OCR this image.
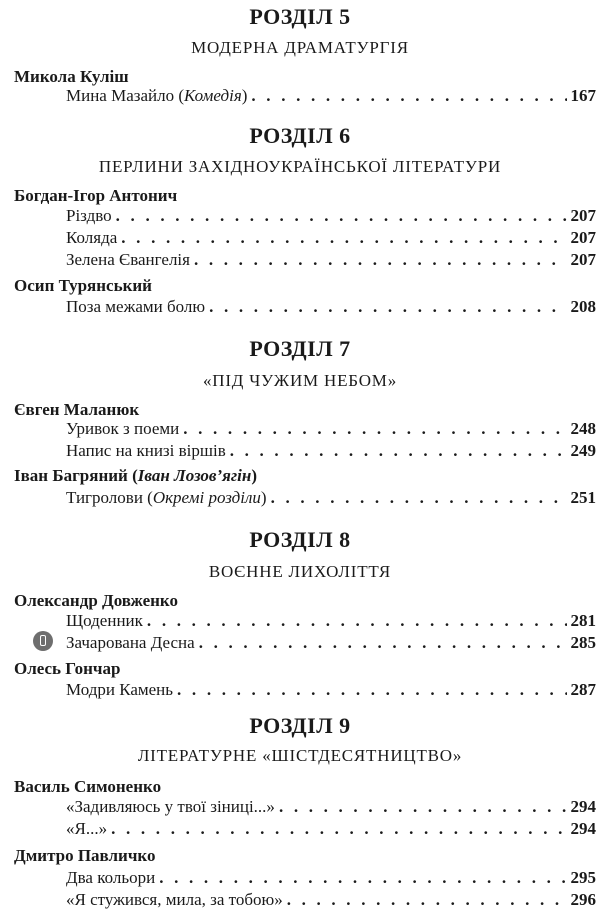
РОЗДІЛ 5
МОДЕРНА ДРАМАТУРГІЯ
Микола Куліш
Мина Мазайло (Комедія) . . .	167
РОЗДІЛ 6
ПЕРЛИНИ ЗАХІДНОУКРАЇНСЬКОЇ ЛІТЕРАТУРИ
Богдан-Ігор Антонич
Різдво . . .	207
Коляда . . .	207
Зелена Євангелія . . .	207
Осип Турянський
Поза межами болю . . .	208
РОЗДІЛ 7
«ПІД ЧУЖИМ НЕБОМ»
Євген Маланюк
Уривок з поеми . . .	248
Напис на книзі віршів . . .	249
Іван Багряний (Іван Лозов’ягін)
Тигролови (Окремі розділи) . . .	251
РОЗДІЛ 8
ВОЄННЕ ЛИХОЛІТТЯ
Олександр Довженко
Щоденник . . .	281
Зачарована Десна . . .	285
Олесь Гончар
Модри Камень . . .	287
РОЗДІЛ 9
ЛІТЕРАТУРНЕ «ШІСТДЕСЯТНИЦТВО»
Василь Симоненко
«Задивляюсь у твої зіниці...» . . .	294
«Я...» . . .	294
Дмитро Павличко
Два кольори . . .	295
«Я стужився, мила, за тобою» . . .	296
